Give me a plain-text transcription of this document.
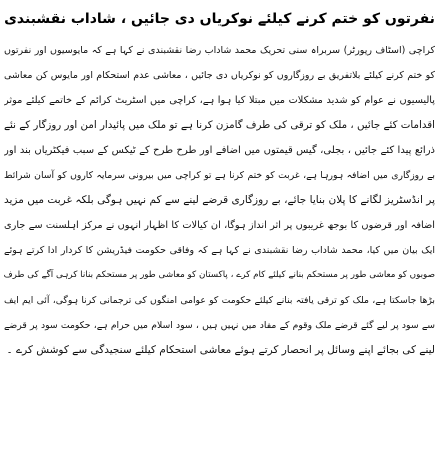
نفرتوں کو ختم کرنے کیلئے نوکریاں دی جائیں ، شاداب نقشبندی
کراچی (اسٹاف رپورٹر) سربراہ سنی تحریک محمد شاداب رضا نقشبندی نے کہا ہے کہ مایوسیوں اور نفرتوں
کو ختم کرنے کیلئے بلاتفریق بے روزگاروں کو نوکریاں دی جائیں ، معاشی عدم استحکام اور مایوس کن معاشی
پالیسیوں نے عوام کو شدید مشکلات میں مبتلا کیا ہوا ہے، کراچی میں اسٹریٹ کرائم کے خاتمے کیلئے موثر
اقدامات کئے جائیں ، ملک کو ترقی کی طرف گامزن کرنا ہے تو ملک میں پائیدار امن اور روزگار کے نئے
ذرائع پیدا کئے جائیں ، بجلی، گیس قیمتوں میں اضافے اور طرح طرح کے ٹیکس کے سبب فیکٹریاں بند اور
بے روزگاری میں اضافہ ہورہا ہے، غربت کو ختم کرنا ہے تو کراچی میں بیرونی سرمایہ کاروں کو آسان شرائط
پر انڈسٹریز لگانے کا پلان بنایا جائے، بے روزگاری قرضے لینے سے کم نہیں ہوگی بلکہ غربت میں مزید
اضافہ اور قرضوں کا بوجھ غریبوں پر اثر انداز ہوگا، ان کیالات کا اظہار انہوں نے مرکز اہلسنت سے جاری
ایک بیان میں کیا، محمد شاداب رضا نقشبندی نے کہا ہے کہ وفاقی حکومت فیڈریشن کا کردار ادا کرتے ہوئے
صوبوں کو معاشی طور پر مستحکم بنانے کیلئے کام کرے ، پاکستان کو معاشی طور پر مستحکم بنانا کرہی آگے کی طرف
بڑھا جاسکتا ہے، ملک کو ترقی یافتہ بنانے کیلئے حکومت کو عوامی امنگوں کی ترجمانی کرنا ہوگی، آئی ایم ایف
سے سود پر لیے گئے قرضے ملک وقوم کے مفاد میں نہیں ہیں ، سود اسلام میں حرام ہے، حکومت سود پر قرضے
لینے کی بجائے اپنے وسائل پر انحصار کرتے ہوئے معاشی استحکام کیلئے سنجیدگی سے کوشش کرے ۔
